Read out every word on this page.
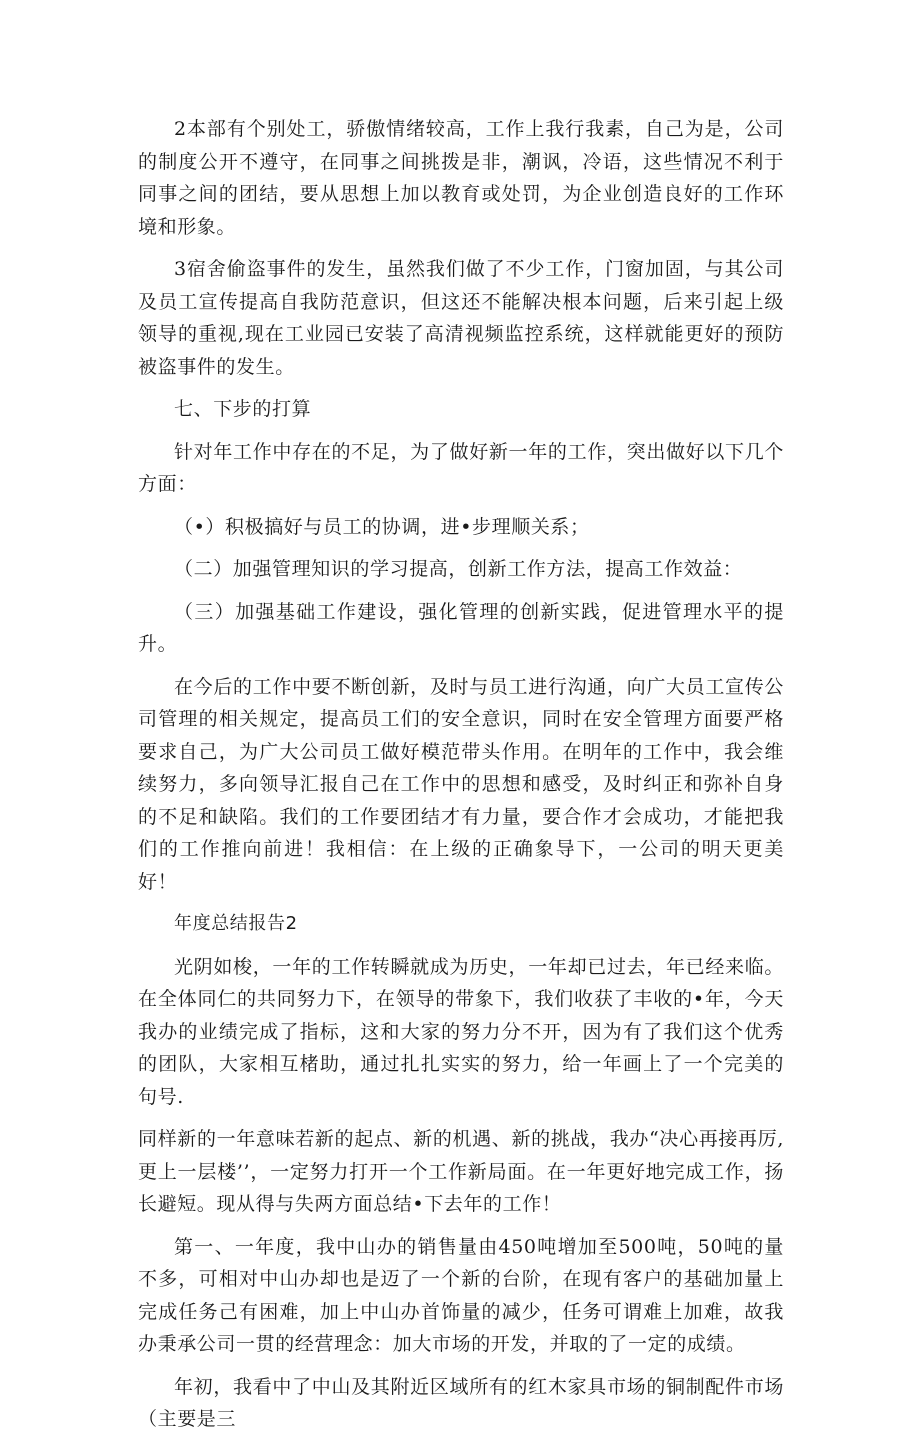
2本部有个别处工，骄傲情绪较高，工作上我行我素，自己为是，公司的制度公开不遵守，在同事之间挑拨是非，潮讽，冷语，这些情况不利于同事之间的团结，要从思想上加以教育或处罚，为企业创造良好的工作环境和形象。

3宿舍偷盗事件的发生，虽然我们做了不少工作，门窗加固，与其公司及员工宣传提高自我防范意识，但这还不能解决根本问题，后来引起上级领导的重视,现在工业园已安装了高清视频监控系统，这样就能更好的预防被盗事件的发生。

七、下步的打算

针对年工作中存在的不足，为了做好新一年的工作，突出做好以下几个方面：

（•）积极搞好与员工的协调，进•步理顺关系；

（二）加强管理知识的学习提高，创新工作方法，提高工作效益：

（三）加强基础工作建设，强化管理的创新实践，促进管理水平的提升。

在今后的工作中要不断创新，及时与员工进行沟通，向广大员工宣传公司管理的相关规定，提高员工们的安全意识，同时在安全管理方面要严格要求自己，为广大公司员工做好模范带头作用。在明年的工作中，我会维续努力，多向领导汇报自己在工作中的思想和感受，及时纠正和弥补自身的不足和缺陷。我们的工作要团结才有力量，要合作才会成功，才能把我们的工作推向前进！我相信：在上级的正确象导下，一公司的明天更美好！

年度总结报告2

光阴如梭，一年的工作转瞬就成为历史，一年却已过去，年已经来临。在全体同仁的共同努力下，在领导的带象下，我们收获了丰收的•年，今天我办的业绩完成了指标，这和大家的努力分不开，因为有了我们这个优秀的团队，大家相互楮助，通过扎扎实实的努力，给一年画上了一个完美的句号.

同样新的一年意味若新的起点、新的机遇、新的挑战，我办“决心再接再厉,更上一层楼’’，一定努力打开一个工作新局面。在一年更好地完成工作，扬长避短。现从得与失两方面总结•下去年的工作！

第一、一年度，我中山办的销售量由450吨增加至500吨，50吨的量不多，可相对中山办却也是迈了一个新的台阶，在现有客户的基础加量上完成任务己有困难，加上中山办首饰量的减少，任务可谓难上加难，故我办秉承公司一贯的经营理念：加大市场的开发，并取的了一定的成绩。

年初，我看中了中山及其附近区域所有的红木家具市场的铜制配件市场（主要是三
